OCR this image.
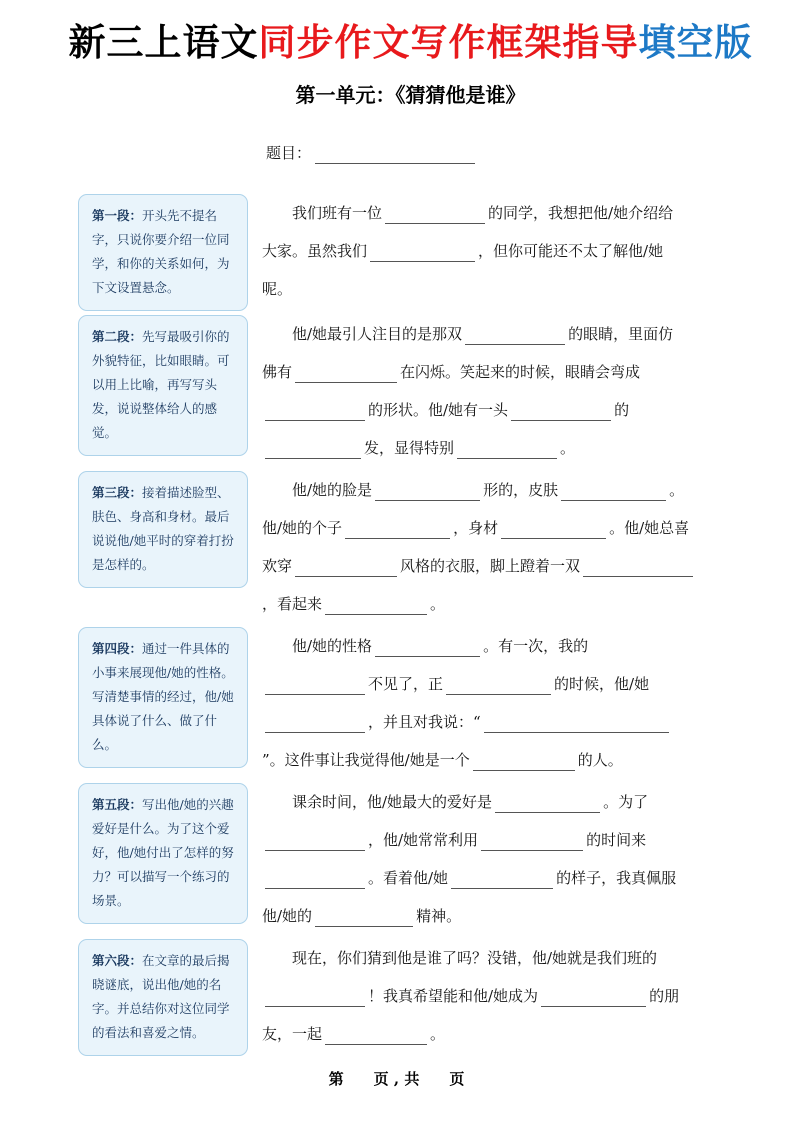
新三上语文同步作文写作框架指导填空版
第一单元：《猜猜他是谁》
题目：
第一段：开头先不提名字，只说你要介绍一位同学，和你的关系如何，为下文设置悬念。
我们班有一位	的同学，我想把他/她介绍给
大家。虽然我们	，但你可能还不太了解他/她
呢。
第二段：先写最吸引你的外貌特征，比如眼睛。可以用上比喻，再写写头发，说说整体给人的感觉。
他/她最引人注目的是那双	的眼睛，里面仿
佛有	在闪烁。笑起来的时候，眼睛会弯成
的形状。他/她有一头	的
发，显得特别	。
第三段：接着描述脸型、肤色、身高和身材。最后说说他/她平时的穿着打扮是怎样的。
他/她的脸是	形的，皮肤	。
他/她的个子	，身材	。他/她总喜
欢穿	风格的衣服，脚上蹬着一双
，看起来	。
第四段：通过一件具体的小事来展现他/她的性格。写清楚事情的经过，他/她具体说了什么、做了什么。
他/她的性格	。有一次，我的
不见了，正	的时候，他/她
，并且对我说：“
”。这件事让我觉得他/她是一个	的人。
第五段：写出他/她的兴趣爱好是什么。为了这个爱好，他/她付出了怎样的努力？可以描写一个练习的场景。
课余时间，他/她最大的爱好是	。为了
，他/她常常利用	的时间来
。看着他/她	的样子，我真佩服
他/她的	精神。
第六段：在文章的最后揭晓谜底，说出他/她的名字。并总结你对这位同学的看法和喜爱之情。
现在，你们猜到他是谁了吗？没错，他/她就是我们班的
！我真希望能和他/她成为	的朋
友，一起	。
第　　页 , 共　　页
